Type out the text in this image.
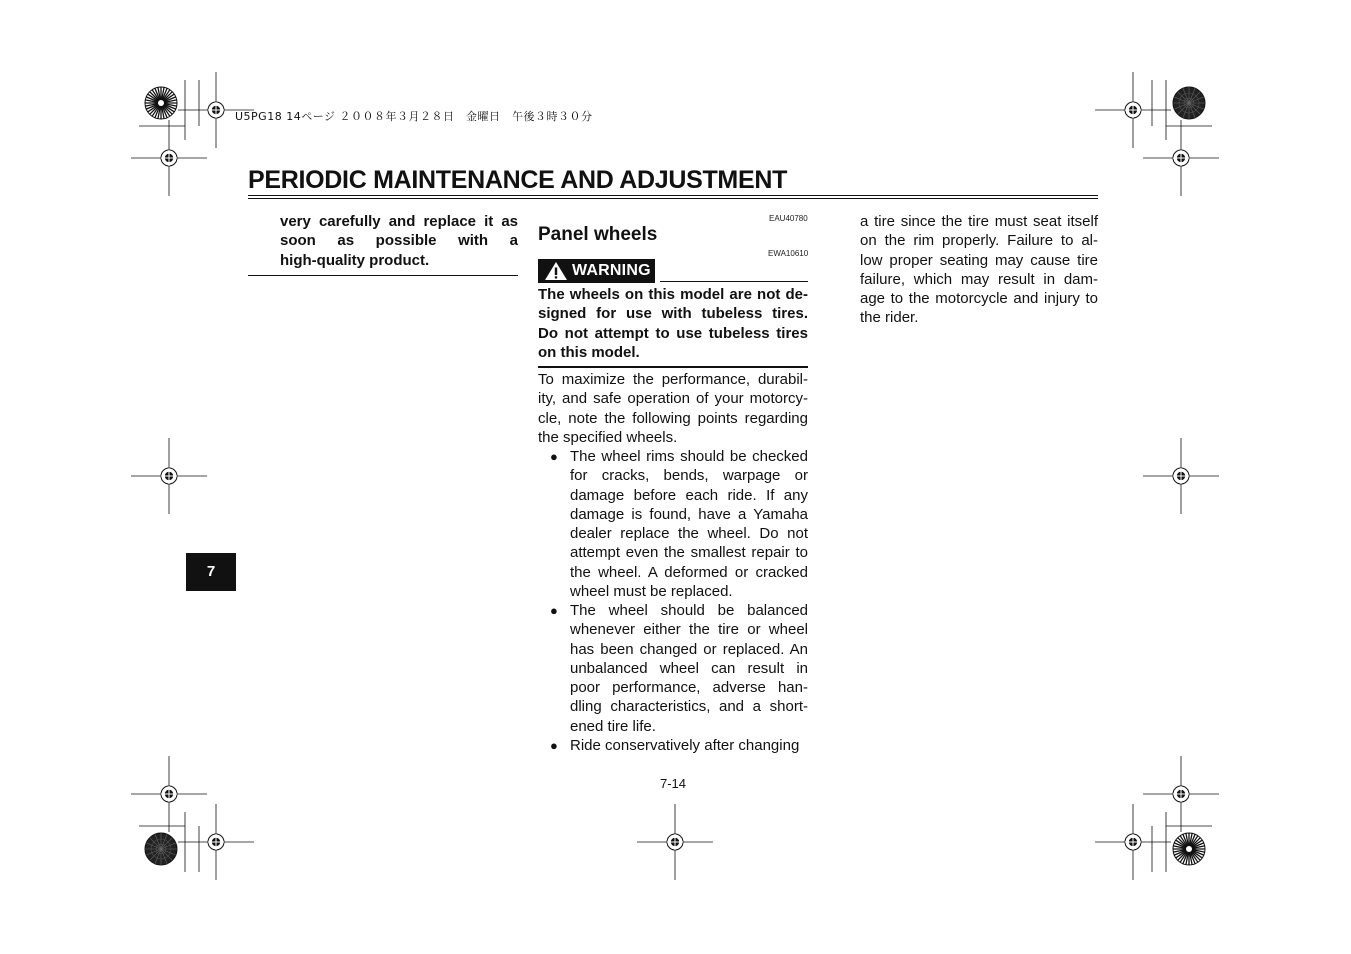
U5PG18 14ページ ２００８年３月２８日　金曜日　午後３時３０分
PERIODIC MAINTENANCE AND ADJUSTMENT
very carefully and replace it as
soon as possible with a
high-quality product.
EAU40780
Panel wheels
EWA10610
WARNING
The wheels on this model are not de-
signed for use with tubeless tires.
Do not attempt to use tubeless tires
on this model.
To maximize the performance, durabil-
ity, and safe operation of your motorcy-
cle, note the following points regarding
the specified wheels.
● The wheel rims should be checked
for cracks, bends, warpage or
damage before each ride. If any
damage is found, have a Yamaha
dealer replace the wheel. Do not
attempt even the smallest repair to
the wheel. A deformed or cracked
wheel must be replaced.
● The wheel should be balanced
whenever either the tire or wheel
has been changed or replaced. An
unbalanced wheel can result in
poor performance, adverse han-
dling characteristics, and a short-
ened tire life.
● Ride conservatively after changing
a tire since the tire must seat itself
on the rim properly. Failure to al-
low proper seating may cause tire
failure, which may result in dam-
age to the motorcycle and injury to
the rider.
7
7-14
